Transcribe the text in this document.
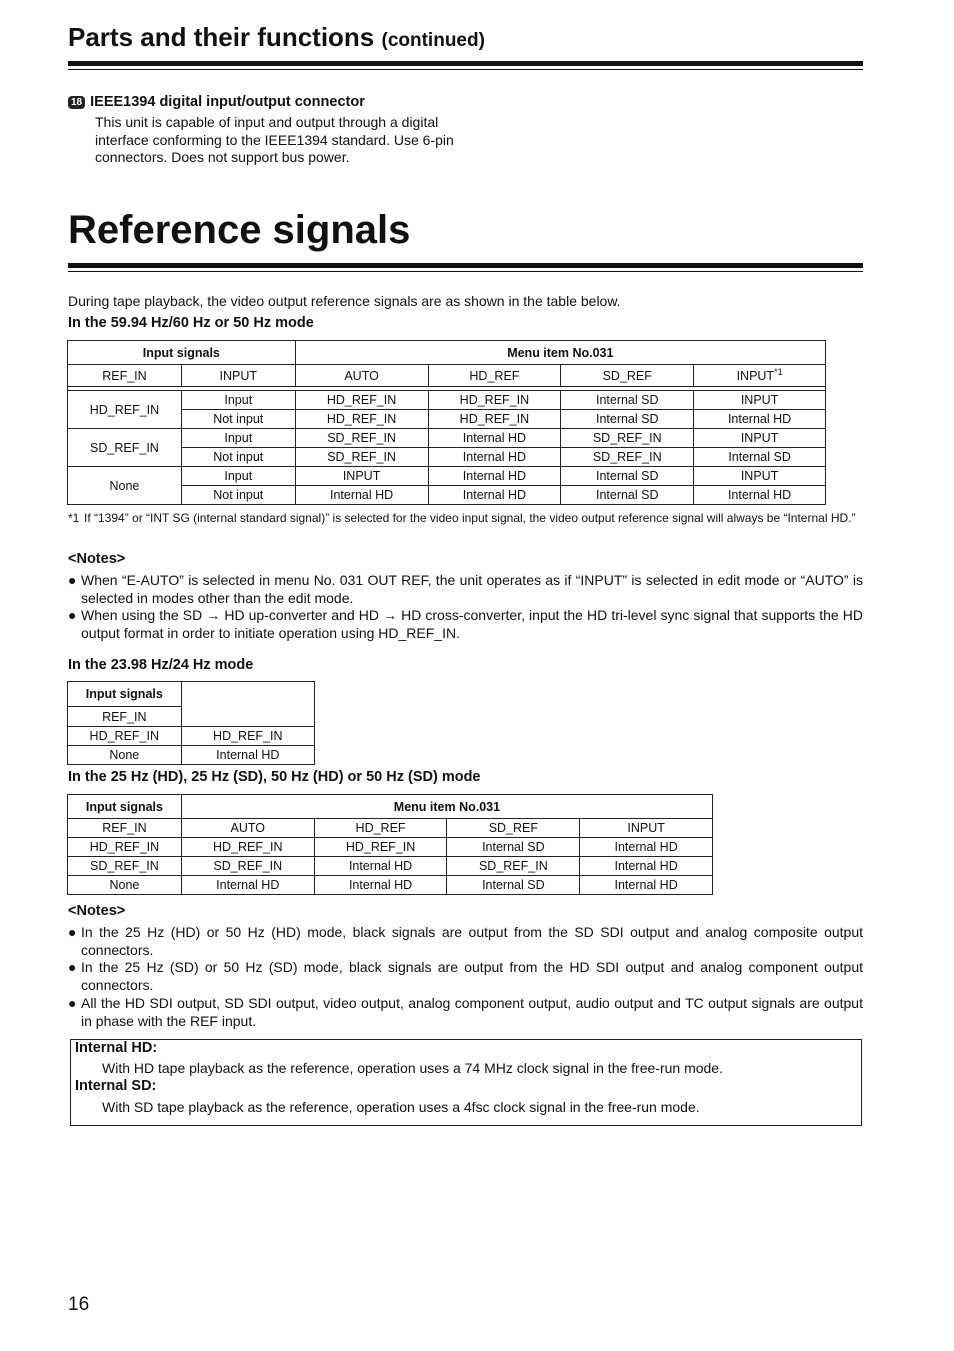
Parts and their functions (continued)
18 IEEE1394 digital input/output connector
This unit is capable of input and output through a digital interface conforming to the IEEE1394 standard. Use 6-pin connectors. Does not support bus power.
Reference signals
During tape playback, the video output reference signals are as shown in the table below.
In the 59.94 Hz/60 Hz or 50 Hz mode
Input signals		Menu item No.031			
REF_IN	INPUT	AUTO	HD_REF	SD_REF	INPUT$^{*1}$

HD_REF_IN	Input	HD_REF_IN	HD_REF_IN	Internal SD	INPUT
	Not input	HD_REF_IN	HD_REF_IN	Internal SD	Internal HD
SD_REF_IN	Input	SD_REF_IN	Internal HD	SD_REF_IN	INPUT
	Not input	SD_REF_IN	Internal HD	SD_REF_IN	Internal SD
None	Input	INPUT	Internal HD	Internal SD	INPUT
	Not input	Internal HD	Internal HD	Internal SD	Internal HD
*1 If “1394” or “INT SG (internal standard signal)” is selected for the video input signal, the video output reference signal will always be “Internal HD.”
<Notes>
● When “E-AUTO” is selected in menu No. 031 OUT REF, the unit operates as if “INPUT” is selected in edit mode or “AUTO” is selected in modes other than the edit mode.
● When using the SD → HD up-converter and HD → HD cross-converter, input the HD tri-level sync signal that supports the HD output format in order to initiate operation using HD_REF_IN.
In the 23.98 Hz/24 Hz mode
Input signals	
REF_IN	
HD_REF_IN	HD_REF_IN
None	Internal HD
In the 25 Hz (HD), 25 Hz (SD), 50 Hz (HD) or 50 Hz (SD) mode
Input signals	Menu item No.031			
REF_IN	AUTO	HD_REF	SD_REF	INPUT
HD_REF_IN	HD_REF_IN	HD_REF_IN	Internal SD	Internal HD
SD_REF_IN	SD_REF_IN	Internal HD	SD_REF_IN	Internal HD
None	Internal HD	Internal HD	Internal SD	Internal HD
<Notes>
● In the 25 Hz (HD) or 50 Hz (HD) mode, black signals are output from the SD SDI output and analog composite output connectors.
● In the 25 Hz (SD) or 50 Hz (SD) mode, black signals are output from the HD SDI output and analog component output connectors.
● All the HD SDI output, SD SDI output, video output, analog component output, audio output and TC output signals are output in phase with the REF input.
Internal HD:
With HD tape playback as the reference, operation uses a 74 MHz clock signal in the free-run mode.
Internal SD:
With SD tape playback as the reference, operation uses a 4fsc clock signal in the free-run mode.
16
